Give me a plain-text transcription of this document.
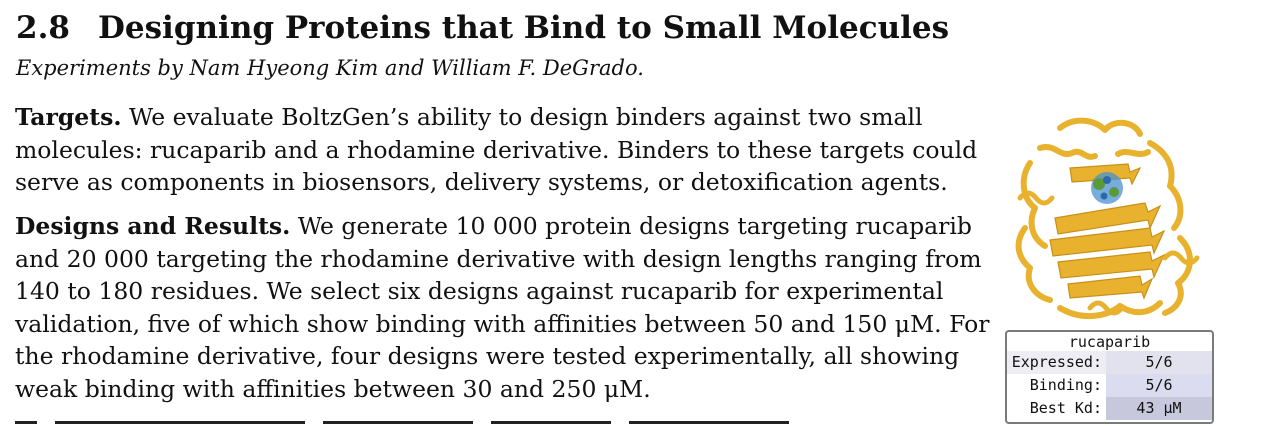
2.8 Designing Proteins that Bind to Small Molecules
Experiments by Nam Hyeong Kim and William F. DeGrado.
Targets. We evaluate BoltzGen’s ability to design binders against two small
molecules: rucaparib and a rhodamine derivative. Binders to these targets could
serve as components in biosensors, delivery systems, or detoxification agents.
Designs and Results. We generate 10 000 protein designs targeting rucaparib
and 20 000 targeting the rhodamine derivative with design lengths ranging from
140 to 180 residues. We select six designs against rucaparib for experimental
validation, five of which show binding with affinities between 50 and 150 μM. For
the rhodamine derivative, four designs were tested experimentally, all showing
weak binding with affinities between 30 and 250 μM.
rucaparib
Expressed:	5/6
Binding:	5/6
Best Kd:	43 μM
